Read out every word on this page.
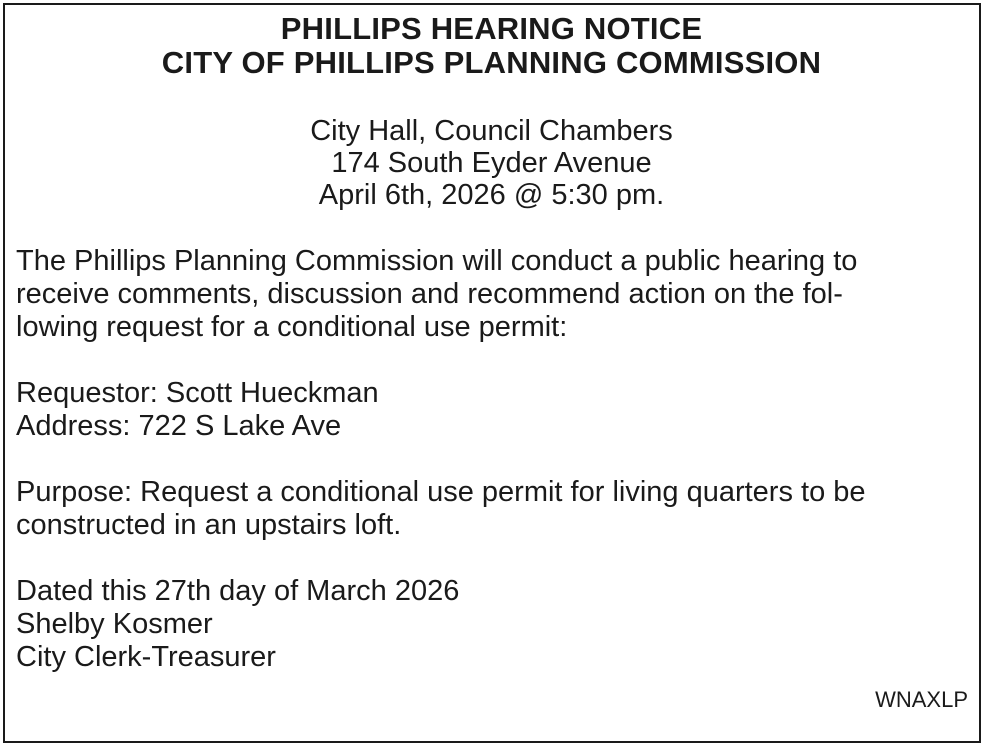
PHILLIPS HEARING NOTICE
CITY OF PHILLIPS PLANNING COMMISSION
City Hall, Council Chambers
174 South Eyder Avenue
April 6th, 2026 @ 5:30 pm.

The Phillips Planning Commission will conduct a public hearing to
receive comments, discussion and recommend action on the fol-
lowing request for a conditional use permit:

Requestor: Scott Hueckman
Address: 722 S Lake Ave

Purpose: Request a conditional use permit for living quarters to be
constructed in an upstairs loft.

Dated this 27th day of March 2026
Shelby Kosmer
City Clerk-Treasurer

WNAXLP
